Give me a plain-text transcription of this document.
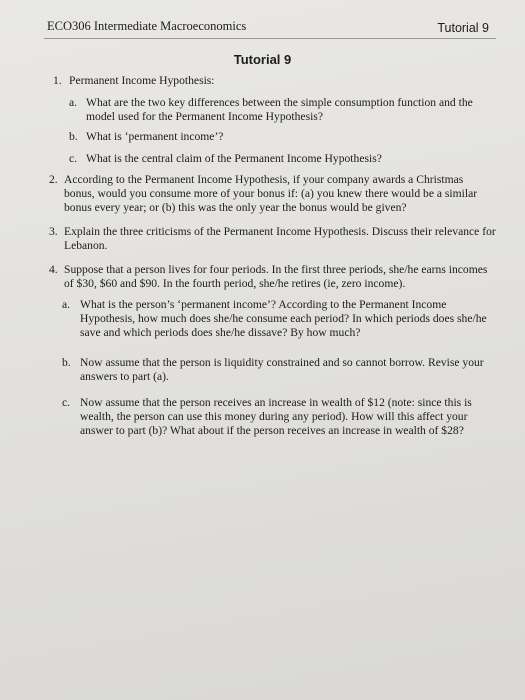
ECO306 Intermediate Macroeconomics	Tutorial 9
Tutorial 9
1. Permanent Income Hypothesis:
a. What are the two key differences between the simple consumption function and the model used for the Permanent Income Hypothesis?
b. What is ‘permanent income’?
c. What is the central claim of the Permanent Income Hypothesis?
2. According to the Permanent Income Hypothesis, if your company awards a Christmas bonus, would you consume more of your bonus if: (a) you knew there would be a similar bonus every year; or (b) this was the only year the bonus would be given?
3. Explain the three criticisms of the Permanent Income Hypothesis. Discuss their relevance for Lebanon.
4. Suppose that a person lives for four periods. In the first three periods, she/he earns incomes of $30, $60 and $90. In the fourth period, she/he retires (ie, zero income).
a. What is the person’s ‘permanent income’? According to the Permanent Income Hypothesis, how much does she/he consume each period? In which periods does she/he save and which periods does she/he dissave? By how much?
b. Now assume that the person is liquidity constrained and so cannot borrow. Revise your answers to part (a).
c. Now assume that the person receives an increase in wealth of $12 (note: since this is wealth, the person can use this money during any period). How will this affect your answer to part (b)? What about if the person receives an increase in wealth of $28?
